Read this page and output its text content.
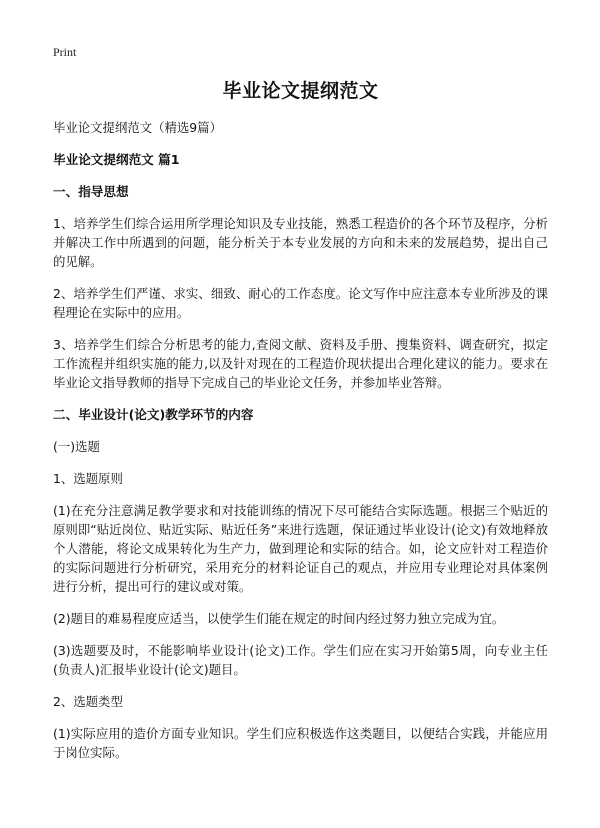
Print
毕业论文提纲范文
毕业论文提纲范文（精选9篇）
毕业论文提纲范文 篇1
一、指导思想
1、培养学生们综合运用所学理论知识及专业技能，熟悉工程造价的各个环节及程序，分析并解决工作中所遇到的问题，能分析关于本专业发展的方向和未来的发展趋势，提出自己的见解。
2、培养学生们严谨、求实、细致、耐心的工作态度。论文写作中应注意本专业所涉及的课程理论在实际中的应用。
3、培养学生们综合分析思考的能力,查阅文献、资料及手册、搜集资料、调查研究，拟定工作流程并组织实施的能力,以及针对现在的工程造价现状提出合理化建议的能力。要求在毕业论文指导教师的指导下完成自己的毕业论文任务，并参加毕业答辩。
二、毕业设计(论文)教学环节的内容
(一)选题
1、选题原则
(1)在充分注意满足教学要求和对技能训练的情况下尽可能结合实际选题。根据三个贴近的原则即“贴近岗位、贴近实际、贴近任务”来进行选题，保证通过毕业设计(论文)有效地释放个人潜能，将论文成果转化为生产力，做到理论和实际的结合。如，论文应针对工程造价的实际问题进行分析研究，采用充分的材料论证自己的观点，并应用专业理论对具体案例进行分析，提出可行的建议或对策。
(2)题目的难易程度应适当，以使学生们能在规定的时间内经过努力独立完成为宜。
(3)选题要及时，不能影响毕业设计(论文)工作。学生们应在实习开始第5周，向专业主任(负责人)汇报毕业设计(论文)题目。
2、选题类型
(1)实际应用的造价方面专业知识。学生们应积极选作这类题目，以便结合实践，并能应用于岗位实际。
